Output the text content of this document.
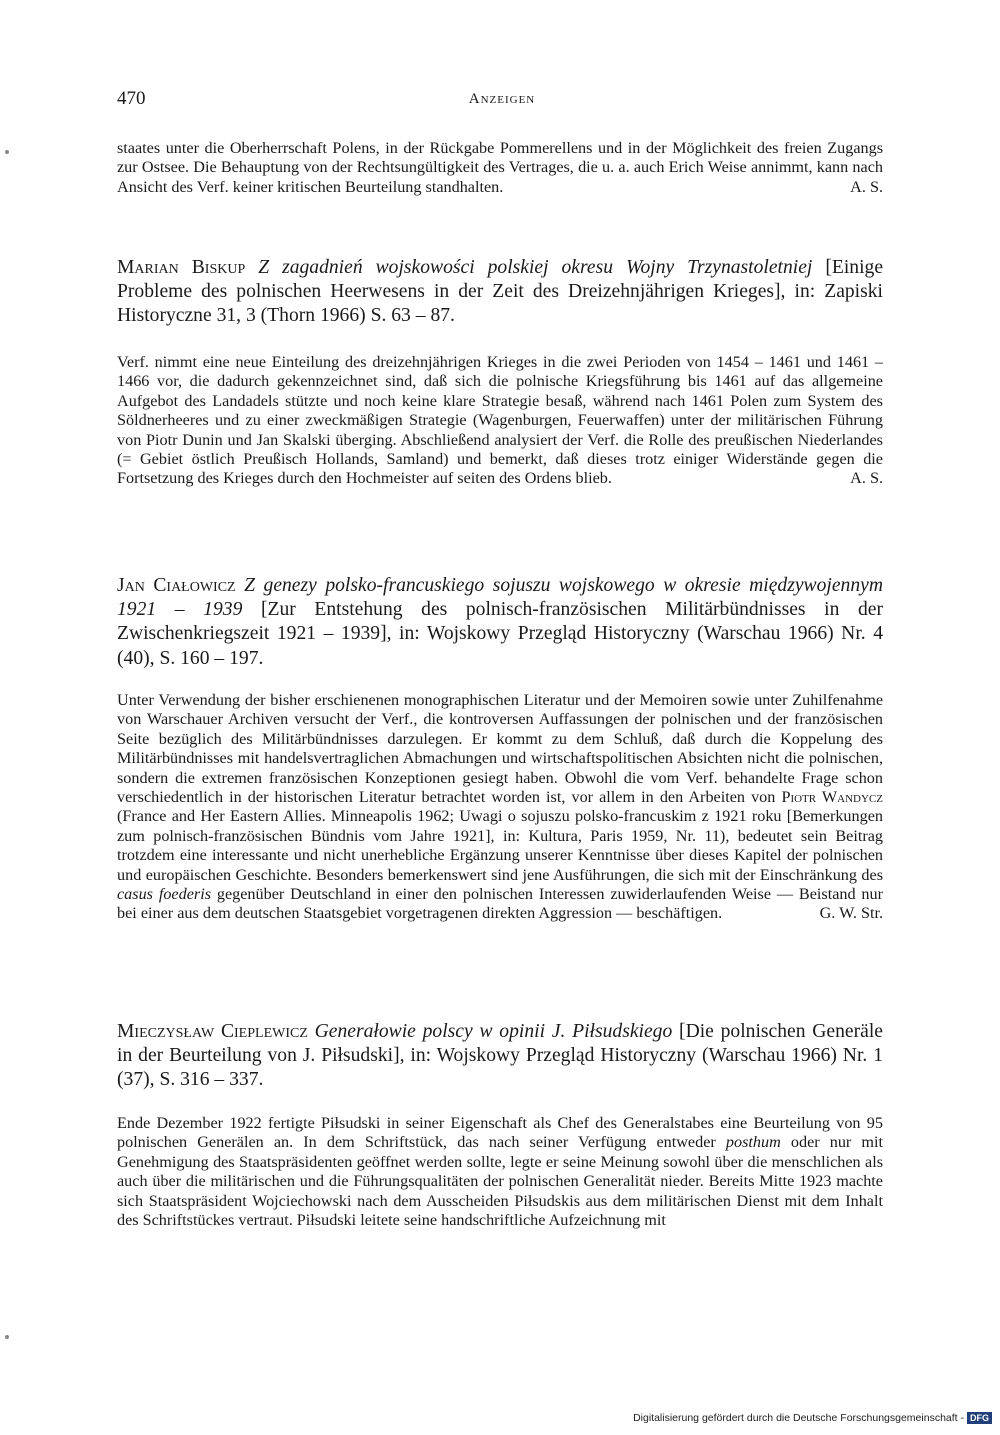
470	Anzeigen

staates unter die Oberherrschaft Polens, in der Rückgabe Pommerellens und in der Möglichkeit des freien Zugangs zur Ostsee. Die Behauptung von der Rechtsungültigkeit des Vertrages, die u. a. auch Erich Weise annimmt, kann nach Ansicht des Verf. keiner kritischen Beurteilung standhalten.	A. S.

Marian Biskup Z zagadnień wojskowości polskiej okresu Wojny Trzynastoletniej [Einige Probleme des polnischen Heerwesens in der Zeit des Dreizehnjährigen Krieges], in: Zapiski Historyczne 31, 3 (Thorn 1966) S. 63 – 87.

Verf. nimmt eine neue Einteilung des dreizehnjährigen Krieges in die zwei Perioden von 1454 – 1461 und 1461 – 1466 vor, die dadurch gekennzeichnet sind, daß sich die polnische Kriegsführung bis 1461 auf das allgemeine Aufgebot des Landadels stützte und noch keine klare Strategie besaß, während nach 1461 Polen zum System des Söldnerheeres und zu einer zweckmäßigen Strategie (Wagenburgen, Feuerwaffen) unter der militärischen Führung von Piotr Dunin und Jan Skalski überging. Abschließend analysiert der Verf. die Rolle des preußischen Niederlandes (= Gebiet östlich Preußisch Hollands, Samland) und bemerkt, daß dieses trotz einiger Widerstände gegen die Fortsetzung des Krieges durch den Hochmeister auf seiten des Ordens blieb.	A. S.

Jan Ciałowicz Z genezy polsko-francuskiego sojuszu wojskowego w okresie międzywojennym 1921 – 1939 [Zur Entstehung des polnisch-französischen Militärbündnisses in der Zwischenkriegszeit 1921 – 1939], in: Wojskowy Przegląd Historyczny (Warschau 1966) Nr. 4 (40), S. 160 – 197.

Unter Verwendung der bisher erschienenen monographischen Literatur und der Memoiren sowie unter Zuhilfenahme von Warschauer Archiven versucht der Verf., die kontroversen Auffassungen der polnischen und der französischen Seite bezüglich des Militärbündnisses darzulegen. Er kommt zu dem Schluß, daß durch die Koppelung des Militärbündnisses mit handelsvertraglichen Abmachungen und wirtschaftspolitischen Absichten nicht die polnischen, sondern die extremen französischen Konzeptionen gesiegt haben. Obwohl die vom Verf. behandelte Frage schon verschiedentlich in der historischen Literatur betrachtet worden ist, vor allem in den Arbeiten von Piotr Wandycz (France and Her Eastern Allies. Minneapolis 1962; Uwagi o sojuszu polsko-francuskim z 1921 roku [Bemerkungen zum polnisch-französischen Bündnis vom Jahre 1921], in: Kultura, Paris 1959, Nr. 11), bedeutet sein Beitrag trotzdem eine interessante und nicht unerhebliche Ergänzung unserer Kenntnisse über dieses Kapitel der polnischen und europäischen Geschichte. Besonders bemerkenswert sind jene Ausführungen, die sich mit der Einschränkung des casus foederis gegenüber Deutschland in einer den polnischen Interessen zuwiderlaufenden Weise — Beistand nur bei einer aus dem deutschen Staatsgebiet vorgetragenen direkten Aggression — beschäftigen.	G. W. Str.

Mieczysław Cieplewicz Generałowie polscy w opinii J. Piłsudskiego [Die polnischen Generäle in der Beurteilung von J. Piłsudski], in: Wojskowy Przegląd Historyczny (Warschau 1966) Nr. 1 (37), S. 316 – 337.

Ende Dezember 1922 fertigte Piłsudski in seiner Eigenschaft als Chef des Generalstabes eine Beurteilung von 95 polnischen Generälen an. In dem Schriftstück, das nach seiner Verfügung entweder posthum oder nur mit Genehmigung des Staatspräsidenten geöffnet werden sollte, legte er seine Meinung sowohl über die menschlichen als auch über die militärischen und die Führungsqualitäten der polnischen Generalität nieder. Bereits Mitte 1923 machte sich Staatspräsident Wojciechowski nach dem Ausscheiden Piłsudskis aus dem militärischen Dienst mit dem Inhalt des Schriftstückes vertraut. Piłsudski leitete seine handschriftliche Aufzeichnung mit

Digitalisierung gefördert durch die Deutsche Forschungsgemeinschaft - DFG
